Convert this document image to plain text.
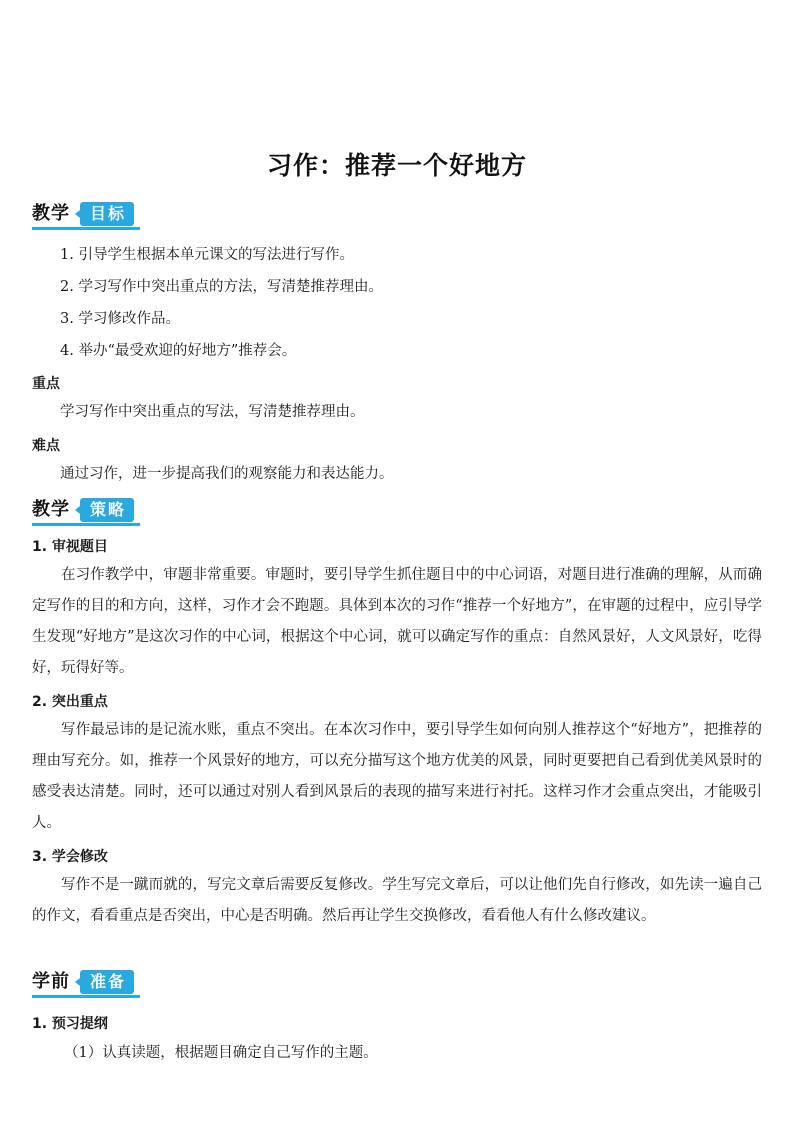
习作：推荐一个好地方
教学	目标
1. 引导学生根据本单元课文的写法进行写作。
2. 学习写作中突出重点的方法，写清楚推荐理由。
3. 学习修改作品。
4. 举办“最受欢迎的好地方”推荐会。
重点
学习写作中突出重点的写法，写清楚推荐理由。
难点
通过习作，进一步提高我们的观察能力和表达能力。
教学	策略
1. 审视题目
在习作教学中，审题非常重要。审题时，要引导学生抓住题目中的中心词语，对题目进行准确的理解，从而确定写作的目的和方向，这样，习作才会不跑题。具体到本次的习作“推荐一个好地方”，在审题的过程中，应引导学生发现“好地方”是这次习作的中心词，根据这个中心词，就可以确定写作的重点：自然风景好，人文风景好，吃得好，玩得好等。
2. 突出重点
写作最忌讳的是记流水账，重点不突出。在本次习作中，要引导学生如何向别人推荐这个“好地方”，把推荐的理由写充分。如，推荐一个风景好的地方，可以充分描写这个地方优美的风景，同时更要把自己看到优美风景时的感受表达清楚。同时，还可以通过对别人看到风景后的表现的描写来进行衬托。这样习作才会重点突出，才能吸引人。
3. 学会修改
写作不是一蹴而就的，写完文章后需要反复修改。学生写完文章后，可以让他们先自行修改，如先读一遍自己的作文，看看重点是否突出，中心是否明确。然后再让学生交换修改，看看他人有什么修改建议。
学前	准备
1. 预习提纲
（1）认真读题，根据题目确定自己写作的主题。
